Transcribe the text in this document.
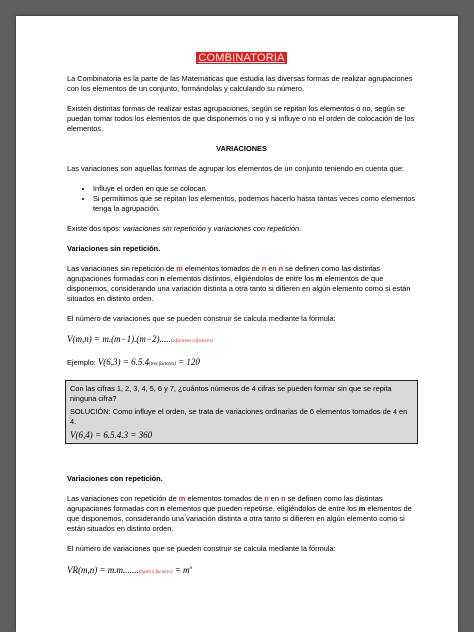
COMBINATORIA

La Combinatoria es la parte de las Matemáticas que estudia las diversas formas de realizar agrupaciones con los elementos de un conjunto, formándolas y calculando su número.

Existen distintas formas de realizar estas agrupaciones, según se repitan los elementos o no, según se puedan tomar todos los elementos de que disponemos o no y si influye o no el orden de colocación de los elementos.

VARIACIONES

Las variaciones son aquellas formas de agrupar los elementos de un conjunto teniendo en cuenta que:

• Influye el orden en que se colocan.
• Si permitimos que se repitan los elementos, podemos hacerlo hasta tantas veces como elementos tenga la agrupación.

Existe dos tipos: variaciones sin repetición y variaciones con repetición.

Variaciones sin repetición.

Las variaciones sin repetición de m elementos tomados de n en n se definen como las distintas agrupaciones formadas con n elementos distintos, eligiéndolos de entre los m elementos de que disponemos, considerando una variación distinta a otra tanto si difieren en algún elemento como si están situados en distinto orden.

El número de variaciones que se pueden construir se calcula mediante la fórmula:

V(m,n) = m.(m−1).(m−2).....(n factores n factores)
Ejemplo: V(6,3) = 6.5.4(tres factores) = 120

Con las cifras 1, 2, 3, 4, 5, 6 y 7, ¿cuántos números de 4 cifras se pueden formar sin que se repita ninguna cifra?

SOLUCIÓN: Como influye el orden, se trata de variaciones ordinarias de 6 elementos tomados de 4 en 4.

V(6,4) = 6.5.4.3 = 360
Variaciones con repetición.

Las variaciones con repetición de m elementos tomados de n en n se definen como las distintas agrupaciones formadas con n elementos que pueden repetirse, eligiéndolos de entre los m elementos de que disponemos, considerando una variación distinta a otra tanto si difieren en algún elemento como si están situados en distinto orden.

El número de variaciones que se pueden construir se calcula mediante la fórmula:

VR(m,n) = m.m.......(hasta n factores) = $m^n$
